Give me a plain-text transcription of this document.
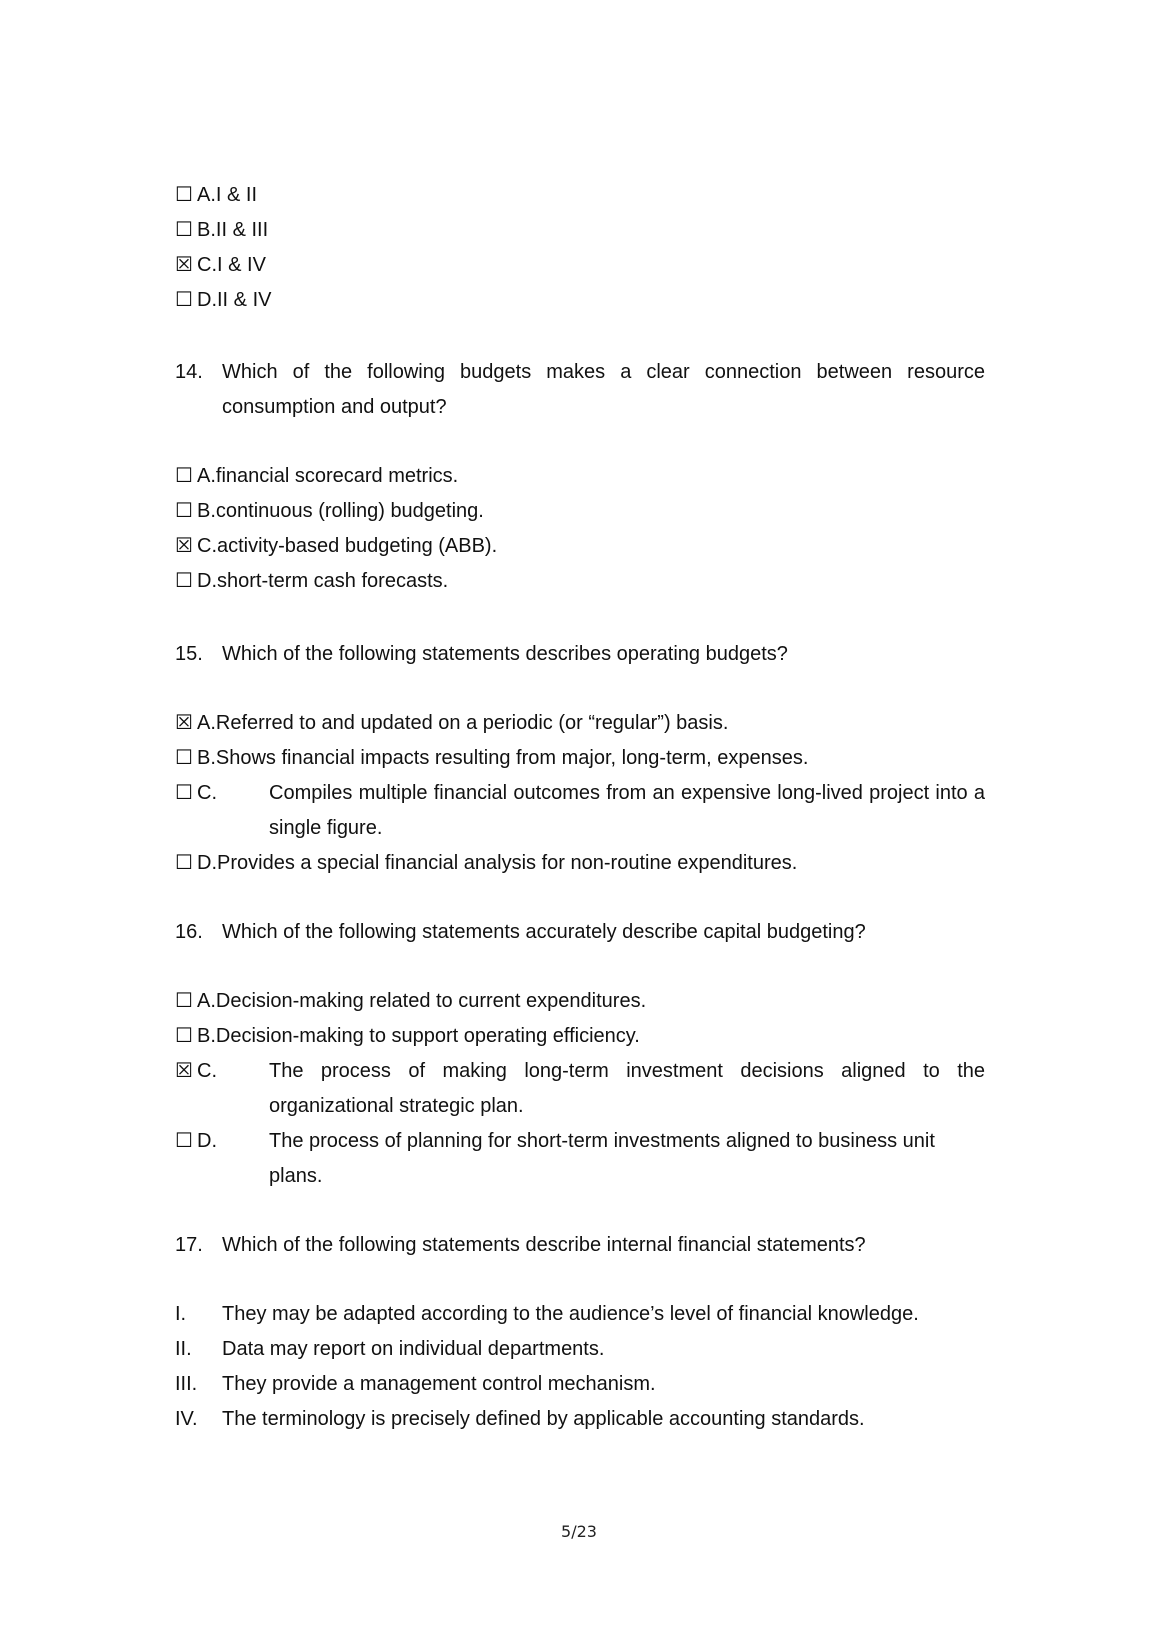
☐ A.I & II
☐ B.II & III
☒ C.I & IV
☐ D.II & IV
14. Which of the following budgets makes a clear connection between resource consumption and output?
☐ A.financial scorecard metrics.
☐ B.continuous (rolling) budgeting.
☒ C.activity-based budgeting (ABB).
☐ D.short-term cash forecasts.
15. Which of the following statements describes operating budgets?
☒ A.Referred to and updated on a periodic (or “regular”) basis.
☐ B.Shows financial impacts resulting from major, long-term, expenses.
☐ C.	Compiles multiple financial outcomes from an expensive long-lived project into a single figure.
☐ D.Provides a special financial analysis for non-routine expenditures.
16. Which of the following statements accurately describe capital budgeting?
☐ A.Decision-making related to current expenditures.
☐ B.Decision-making to support operating efficiency.
☒ C.	The process of making long-term investment decisions aligned to the organizational strategic plan.
☐ D.	The process of planning for short-term investments aligned to business unit plans.
17. Which of the following statements describe internal financial statements?
I. They may be adapted according to the audience’s level of financial knowledge.
II. Data may report on individual departments.
III. They provide a management control mechanism.
IV. The terminology is precisely defined by applicable accounting standards.
5/23
